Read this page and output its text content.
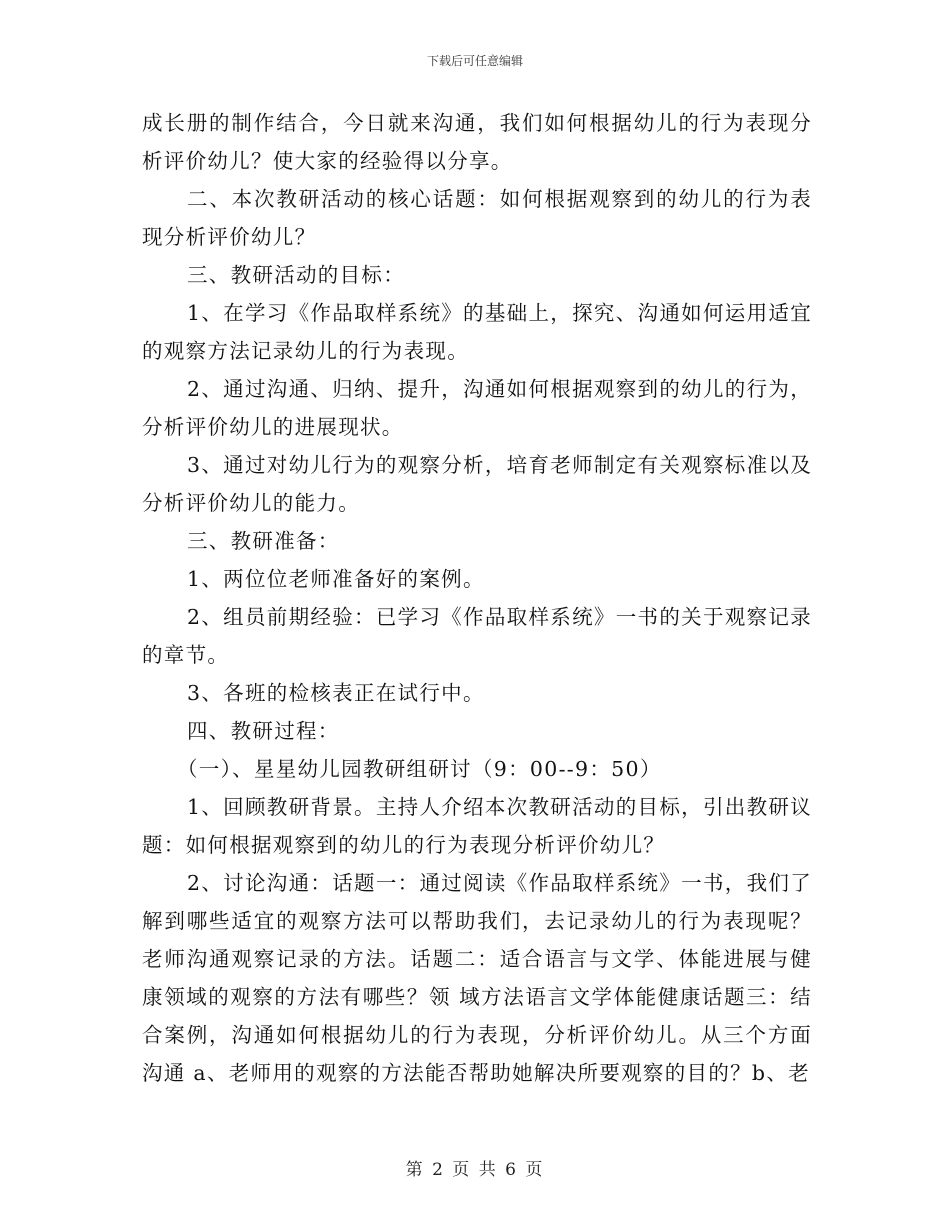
下载后可任意编辑

成长册的制作结合，今日就来沟通，我们如何根据幼儿的行为表现分析评价幼儿？使大家的经验得以分享。

二、本次教研活动的核心话题：如何根据观察到的幼儿的行为表现分析评价幼儿？

三、教研活动的目标：

1、在学习《作品取样系统》的基础上，探究、沟通如何运用适宜的观察方法记录幼儿的行为表现。

2、通过沟通、归纳、提升，沟通如何根据观察到的幼儿的行为，分析评价幼儿的进展现状。

3、通过对幼儿行为的观察分析，培育老师制定有关观察标准以及分析评价幼儿的能力。

三、教研准备：

1、两位位老师准备好的案例。

2、组员前期经验：已学习《作品取样系统》一书的关于观察记录的章节。

3、各班的检核表正在试行中。

四、教研过程：

（一）、星星幼儿园教研组研讨（9：00--9：50）

1、回顾教研背景。主持人介绍本次教研活动的目标，引出教研议题：如何根据观察到的幼儿的行为表现分析评价幼儿？

2、讨论沟通：话题一：通过阅读《作品取样系统》一书，我们了解到哪些适宜的观察方法可以帮助我们，去记录幼儿的行为表现呢？老师沟通观察记录的方法。话题二：适合语言与文学、体能进展与健康领域的观察的方法有哪些？领 域方法语言文学体能健康话题三：结合案例，沟通如何根据幼儿的行为表现，分析评价幼儿。从三个方面沟通 a、老师用的观察的方法能否帮助她解决所要观察的目的？b、老

第 2 页 共 6 页
